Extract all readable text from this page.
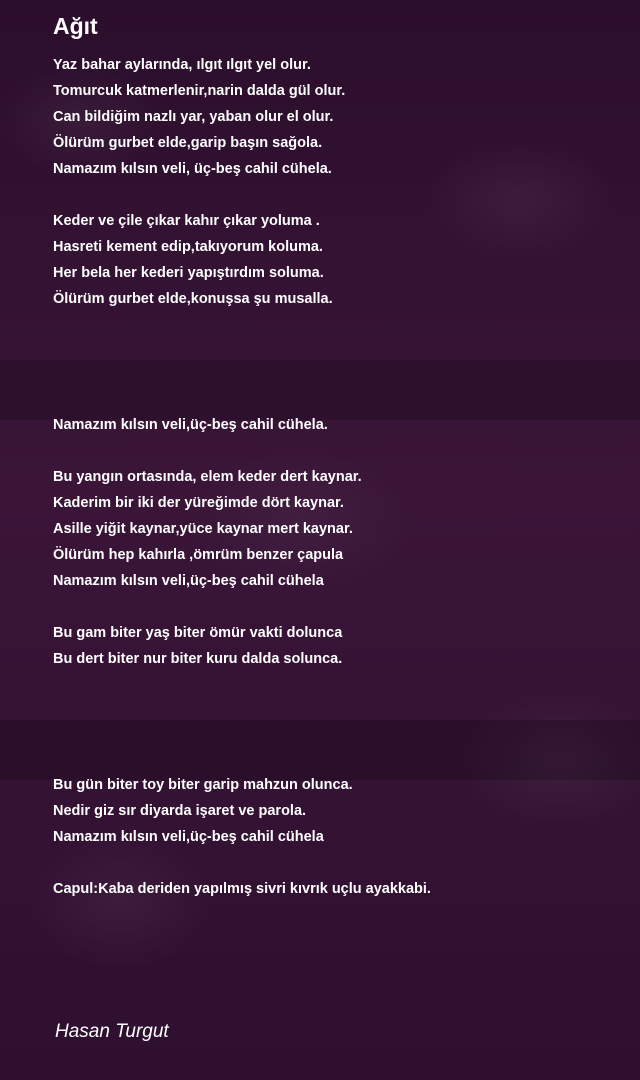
Ağıt

Yaz bahar aylarında, ılgıt ılgıt yel olur.

Tomurcuk katmerlenir,narin dalda gül olur.

Can bildiğim nazlı yar, yaban olur el olur.

Ölürüm gurbet elde,garip başın sağola.

Namazım kılsın veli, üç-beş cahil cühela.

Keder ve çile çıkar kahır çıkar yoluma .

Hasreti kement edip,takıyorum koluma.

Her bela her kederi yapıştırdım soluma.

Ölürüm gurbet elde,konuşsa şu musalla.

Namazım kılsın veli,üç-beş cahil cühela.

Bu yangın ortasında, elem keder dert kaynar.

Kaderim bir iki der yüreğimde dört kaynar.

Asille yiğit kaynar,yüce kaynar mert kaynar.

Ölürüm hep kahırla ,ömrüm benzer çapula

Namazım kılsın veli,üç-beş cahil cühela

Bu gam biter yaş biter ömür vakti dolunca

Bu dert biter nur biter kuru dalda solunca.

Bu gün biter toy biter garip mahzun olunca.

Nedir giz sır diyarda işaret ve parola.

Namazım kılsın veli,üç-beş cahil cühela

Capul:Kaba deriden yapılmış sivri kıvrık uçlu ayakkabi.

Hasan Turgut
